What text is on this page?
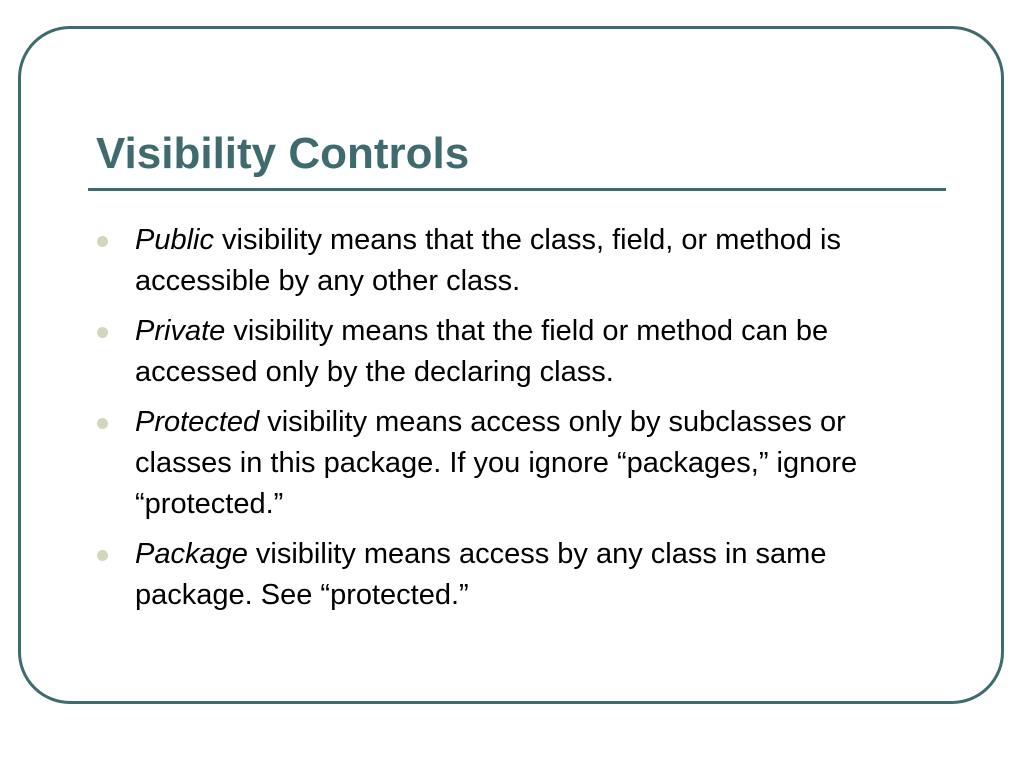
Visibility Controls
Public visibility means that the class, field, or method is accessible by any other class.
Private visibility means that the field or method can be accessed only by the declaring class.
Protected visibility means access only by subclasses or classes in this package. If you ignore “packages,” ignore “protected.”
Package visibility means access by any class in same package. See “protected.”
